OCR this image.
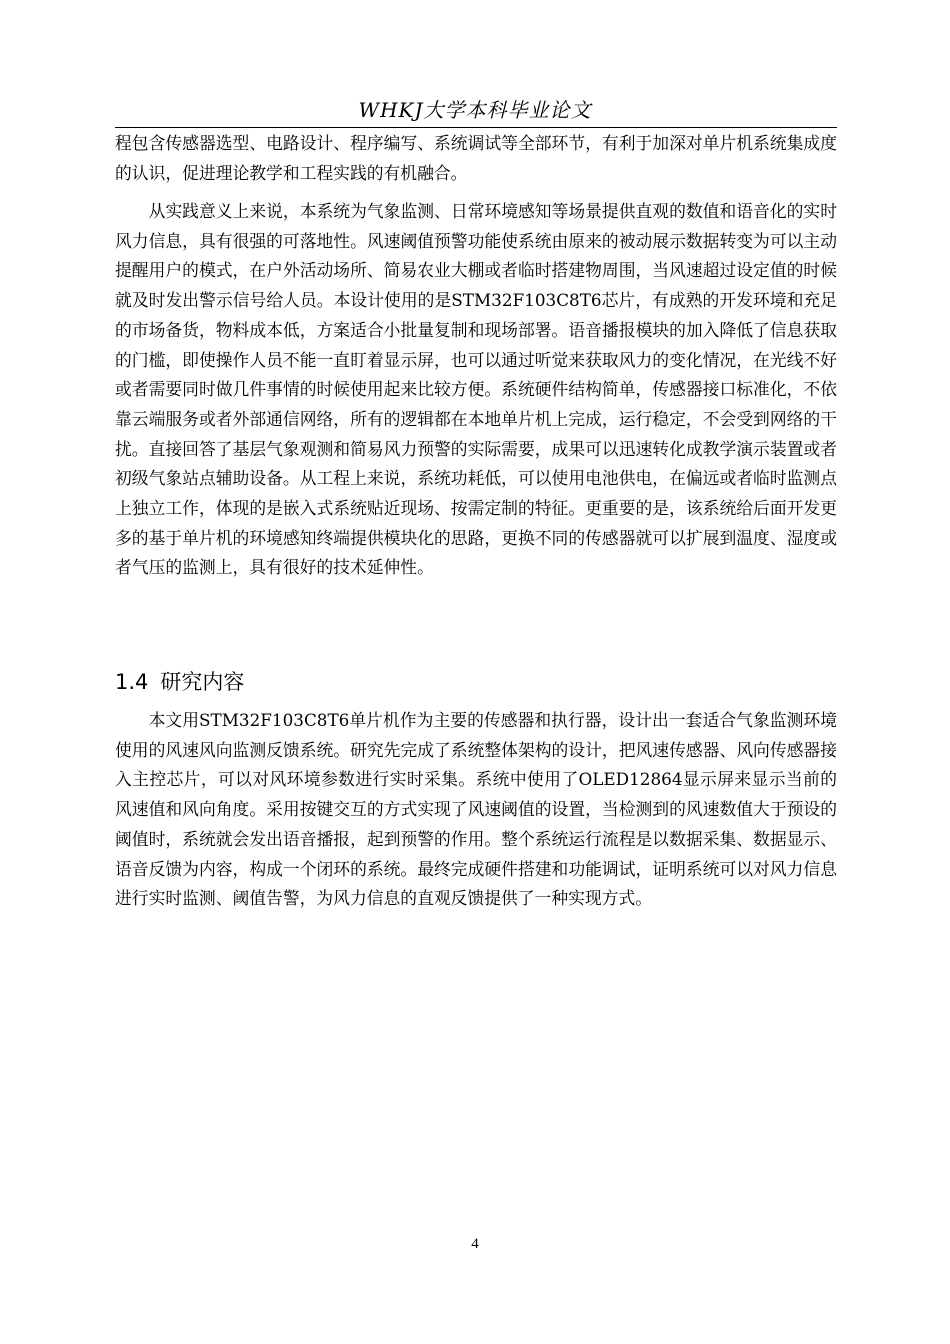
WHKJ大学本科毕业论文

程包含传感器选型、电路设计、程序编写、系统调试等全部环节，有利于加深对单片机系统集成度的认识，促进理论教学和工程实践的有机融合。

从实践意义上来说，本系统为气象监测、日常环境感知等场景提供直观的数值和语音化的实时风力信息，具有很强的可落地性。风速阈值预警功能使系统由原来的被动展示数据转变为可以主动提醒用户的模式，在户外活动场所、简易农业大棚或者临时搭建物周围，当风速超过设定值的时候就及时发出警示信号给人员。本设计使用的是STM32F103C8T6芯片，有成熟的开发环境和充足的市场备货，物料成本低，方案适合小批量复制和现场部署。语音播报模块的加入降低了信息获取的门槛，即使操作人员不能一直盯着显示屏，也可以通过听觉来获取风力的变化情况，在光线不好或者需要同时做几件事情的时候使用起来比较方便。系统硬件结构简单，传感器接口标准化，不依靠云端服务或者外部通信网络，所有的逻辑都在本地单片机上完成，运行稳定，不会受到网络的干扰。直接回答了基层气象观测和简易风力预警的实际需要，成果可以迅速转化成教学演示装置或者初级气象站点辅助设备。从工程上来说，系统功耗低，可以使用电池供电，在偏远或者临时监测点上独立工作，体现的是嵌入式系统贴近现场、按需定制的特征。更重要的是，该系统给后面开发更多的基于单片机的环境感知终端提供模块化的思路，更换不同的传感器就可以扩展到温度、湿度或者气压的监测上，具有很好的技术延伸性。

1.4 研究内容

本文用STM32F103C8T6单片机作为主要的传感器和执行器，设计出一套适合气象监测环境使用的风速风向监测反馈系统。研究先完成了系统整体架构的设计，把风速传感器、风向传感器接入主控芯片，可以对风环境参数进行实时采集。系统中使用了OLED12864显示屏来显示当前的风速值和风向角度。采用按键交互的方式实现了风速阈值的设置，当检测到的风速数值大于预设的阈值时，系统就会发出语音播报，起到预警的作用。整个系统运行流程是以数据采集、数据显示、语音反馈为内容，构成一个闭环的系统。最终完成硬件搭建和功能调试，证明系统可以对风力信息进行实时监测、阈值告警，为风力信息的直观反馈提供了一种实现方式。

4
